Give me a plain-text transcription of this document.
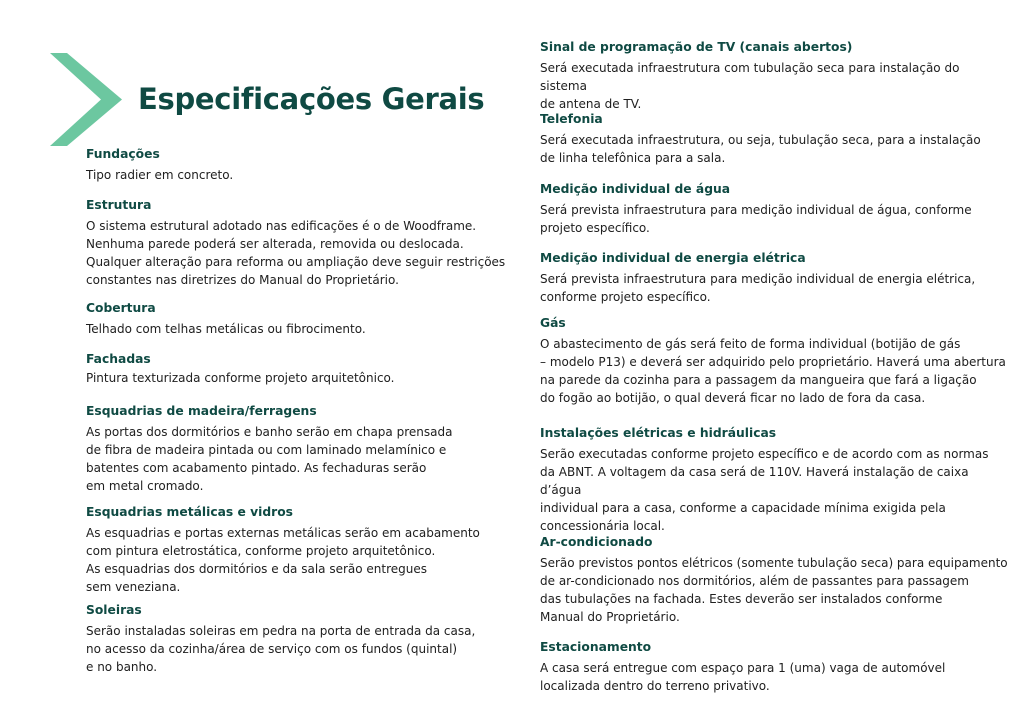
Especificações Gerais
Fundações

Tipo radier em concreto.

Estrutura

O sistema estrutural adotado nas edificações é o de Woodframe.
Nenhuma parede poderá ser alterada, removida ou deslocada.
Qualquer alteração para reforma ou ampliação deve seguir restrições
constantes nas diretrizes do Manual do Proprietário.

Cobertura

Telhado com telhas metálicas ou fibrocimento.

Fachadas

Pintura texturizada conforme projeto arquitetônico.

Esquadrias de madeira/ferragens

As portas dos dormitórios e banho serão em chapa prensada
de fibra de madeira pintada ou com laminado melamínico e
batentes com acabamento pintado. As fechaduras serão
em metal cromado.

Esquadrias metálicas e vidros

As esquadrias e portas externas metálicas serão em acabamento
com pintura eletrostática, conforme projeto arquitetônico.
As esquadrias dos dormitórios e da sala serão entregues
sem veneziana.

Soleiras

Serão instaladas soleiras em pedra na porta de entrada da casa,
no acesso da cozinha/área de serviço com os fundos (quintal)
e no banho.

Sinal de programação de TV (canais abertos)

Será executada infraestrutura com tubulação seca para instalação do sistema
de antena de TV.

Telefonia

Será executada infraestrutura, ou seja, tubulação seca, para a instalação
de linha telefônica para a sala.

Medição individual de água

Será prevista infraestrutura para medição individual de água, conforme
projeto específico.

Medição individual de energia elétrica

Será prevista infraestrutura para medição individual de energia elétrica,
conforme projeto específico.

Gás

O abastecimento de gás será feito de forma individual (botijão de gás
– modelo P13) e deverá ser adquirido pelo proprietário. Haverá uma abertura
na parede da cozinha para a passagem da mangueira que fará a ligação
do fogão ao botijão, o qual deverá ficar no lado de fora da casa.

Instalações elétricas e hidráulicas

Serão executadas conforme projeto específico e de acordo com as normas
da ABNT. A voltagem da casa será de 110V. Haverá instalação de caixa d’água
individual para a casa, conforme a capacidade mínima exigida pela
concessionária local.

Ar-condicionado

Serão previstos pontos elétricos (somente tubulação seca) para equipamento
de ar-condicionado nos dormitórios, além de passantes para passagem
das tubulações na fachada. Estes deverão ser instalados conforme
Manual do Proprietário.

Estacionamento

A casa será entregue com espaço para 1 (uma) vaga de automóvel
localizada dentro do terreno privativo.
